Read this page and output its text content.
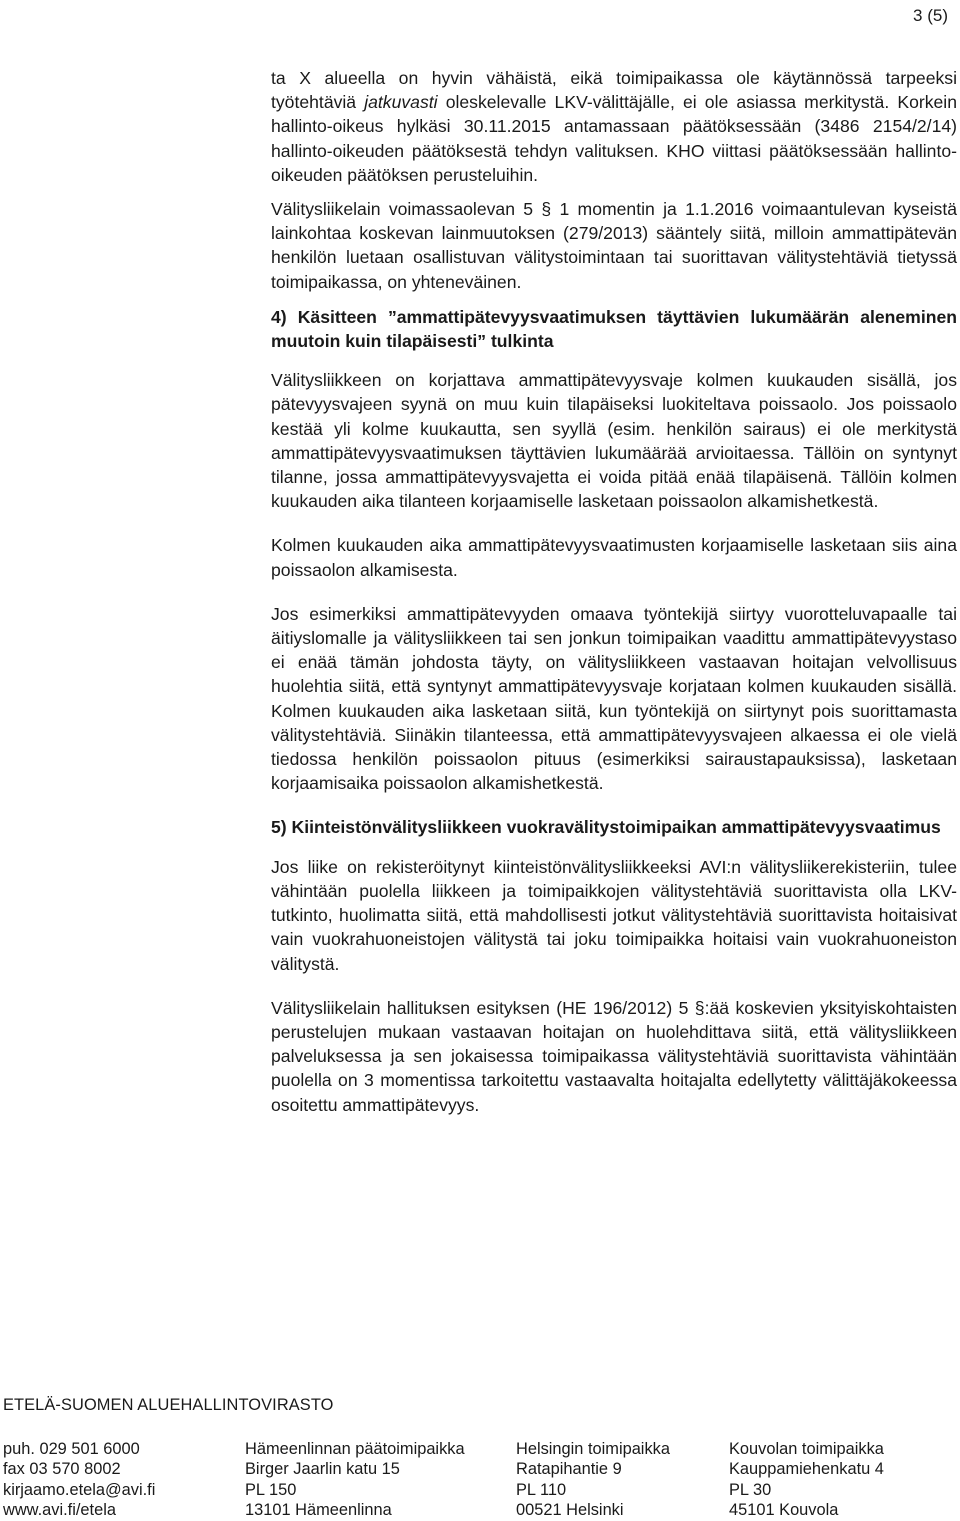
3 (5)

ta X alueella on hyvin vähäistä, eikä toimipaikassa ole käytännössä tarpeeksi työtehtäviä jatkuvasti oleskelevalle LKV-välittäjälle, ei ole asiassa merkitystä. Korkein hallinto-oikeus hylkäsi 30.11.2015 antamassaan päätöksessään (3486 2154/2/14) hallinto-oikeuden päätöksestä tehdyn valituksen. KHO viittasi päätöksessään hallinto-oikeuden päätöksen perusteluihin.

Välitysliikelain voimassaolevan 5 § 1 momentin ja 1.1.2016 voimaantulevan kyseistä lainkohtaa koskevan lainmuutoksen (279/2013) sääntely siitä, milloin ammattipätevän henkilön luetaan osallistuvan välitystoimintaan tai suorittavan välitystehtäviä tietyssä toimipaikassa, on yhteneväinen.

4) Käsitteen ”ammattipätevyysvaatimuksen täyttävien lukumäärän aleneminen muutoin kuin tilapäisesti” tulkinta

Välitysliikkeen on korjattava ammattipätevyysvaje kolmen kuukauden sisällä, jos pätevyysvajeen syynä on muu kuin tilapäiseksi luokiteltava poissaolo. Jos poissaolo kestää yli kolme kuukautta, sen syyllä (esim. henkilön sairaus) ei ole merkitystä ammattipätevyysvaatimuksen täyttävien lukumäärää arvioitaessa. Tällöin on syntynyt tilanne, jossa ammattipätevyysvajetta ei voida pitää enää tilapäisenä. Tällöin kolmen kuukauden aika tilanteen korjaamiselle lasketaan poissaolon alkamishetkestä.

Kolmen kuukauden aika ammattipätevyysvaatimusten korjaamiselle lasketaan siis aina poissaolon alkamisesta.

Jos esimerkiksi ammattipätevyyden omaava työntekijä siirtyy vuorotteluvapaalle tai äitiyslomalle ja välitysliikkeen tai sen jonkun toimipaikan vaadittu ammattipätevyystaso ei enää tämän johdosta täyty, on välitysliikkeen vastaavan hoitajan velvollisuus huolehtia siitä, että syntynyt ammattipätevyysvaje korjataan kolmen kuukauden sisällä. Kolmen kuukauden aika lasketaan siitä, kun työntekijä on siirtynyt pois suorittamasta välitystehtäviä. Siinäkin tilanteessa, että ammattipätevyysvajeen alkaessa ei ole vielä tiedossa henkilön poissaolon pituus (esimerkiksi sairaustapauksissa), lasketaan korjaamisaika poissaolon alkamishetkestä.

5) Kiinteistönvälitysliikkeen vuokravälitystoimipaikan ammattipätevyysvaatimus

Jos liike on rekisteröitynyt kiinteistönvälitysliikkeeksi AVI:n välitysliikerekisteriin, tulee vähintään puolella liikkeen ja toimipaikkojen välitystehtäviä suorittavista olla LKV-tutkinto, huolimatta siitä, että mahdollisesti jotkut välitystehtäviä suorittavista hoitaisivat vain vuokrahuoneistojen välitystä tai joku toimipaikka hoitaisi vain vuokrahuoneiston välitystä.

Välitysliikelain hallituksen esityksen (HE 196/2012) 5 §:ää koskevien yksityiskohtaisten perustelujen mukaan vastaavan hoitajan on huolehdittava siitä, että välitysliikkeen palveluksessa ja sen jokaisessa toimipaikassa välitystehtäviä suorittavista vähintään puolella on 3 momentissa tarkoitettu vastaavalta hoitajalta edellytetty välittäjäkokeessa osoitettu ammattipätevyys.

ETELÄ-SUOMEN ALUEHALLINTOVIRASTO
puh. 029 501 6000
fax 03 570 8002
kirjaamo.etela@avi.fi
www.avi.fi/etela
Hämeenlinnan päätoimipaikka
Birger Jaarlin katu 15
PL 150
13101 Hämeenlinna
Helsingin toimipaikka
Ratapihantie 9
PL 110
00521 Helsinki
Kouvolan toimipaikka
Kauppamiehenkatu 4
PL 30
45101 Kouvola
